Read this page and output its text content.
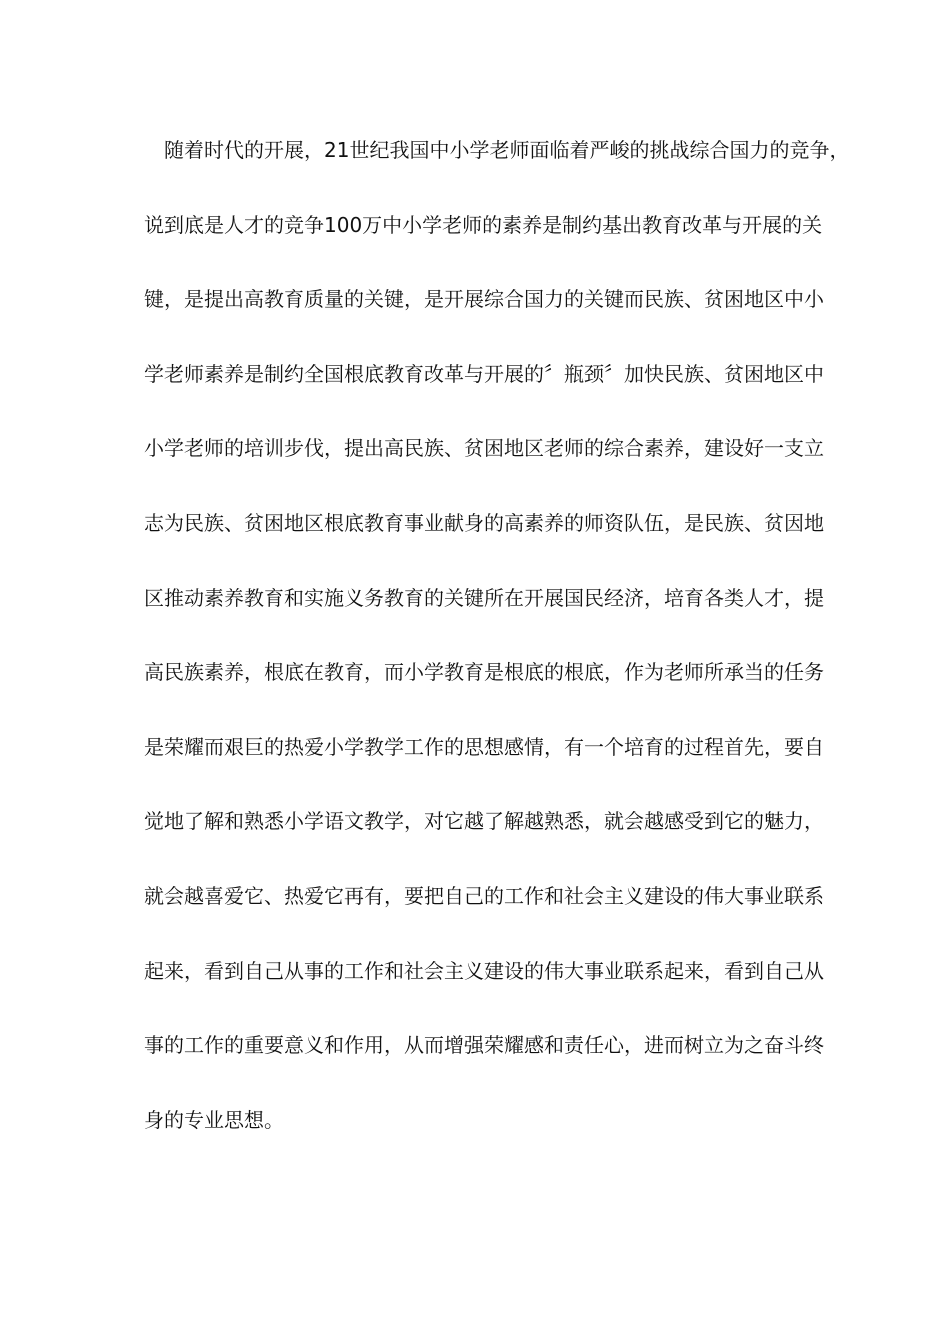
随着时代的开展，21世纪我国中小学老师面临着严峻的挑战综合国力的竞争，
说到底是人才的竞争100万中小学老师的素养是制约基出教育改革与开展的关
键，是提出高教育质量的关键，是开展综合国力的关键而民族、贫困地区中小
学老师素养是制约全国根底教育改革与开展的〞瓶颈〞加快民族、贫困地区中
小学老师的培训步伐，提出高民族、贫困地区老师的综合素养，建设好一支立
志为民族、贫困地区根底教育事业献身的高素养的师资队伍，是民族、贫因地
区推动素养教育和实施义务教育的关键所在开展国民经济，培育各类人才，提
高民族素养，根底在教育，而小学教育是根底的根底，作为老师所承当的任务
是荣耀而艰巨的热爱小学教学工作的思想感情，有一个培育的过程首先，要自
觉地了解和熟悉小学语文教学，对它越了解越熟悉，就会越感受到它的魅力，
就会越喜爱它、热爱它再有，要把自己的工作和社会主义建设的伟大事业联系
起来，看到自己从事的工作和社会主义建设的伟大事业联系起来，看到自己从
事的工作的重要意义和作用，从而增强荣耀感和责任心，进而树立为之奋斗终
身的专业思想。
